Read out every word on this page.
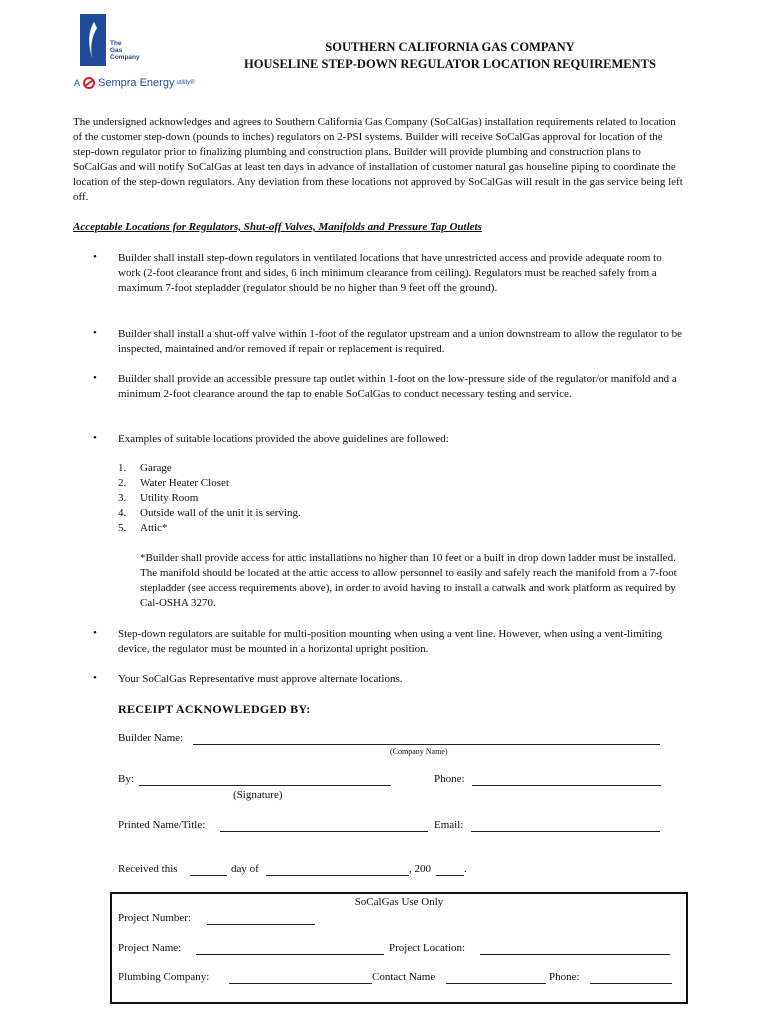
The
Gas
Company
A Sempra Energy utility®
SOUTHERN CALIFORNIA GAS COMPANY
HOUSELINE STEP-DOWN REGULATOR LOCATION REQUIREMENTS
The undersigned acknowledges and agrees to Southern California Gas Company (SoCalGas) installation requirements related to location of the customer step-down (pounds to inches) regulators on 2-PSI systems. Builder will receive SoCalGas approval for location of the step-down regulator prior to finalizing plumbing and construction plans. Builder will provide plumbing and construction plans to SoCalGas and will notify SoCalGas at least ten days in advance of installation of customer natural gas houseline piping to coordinate the location of the step-down regulators. Any deviation from these locations not approved by SoCalGas will result in the gas service being left off.
Acceptable Locations for Regulators, Shut-off Valves, Manifolds and Pressure Tap Outlets
• Builder shall install step-down regulators in ventilated locations that have unrestricted access and provide adequate room to work (2-foot clearance front and sides, 6 inch minimum clearance from ceiling). Regulators must be reached safely from a maximum 7-foot stepladder (regulator should be no higher than 9 feet off the ground).
• Builder shall install a shut-off valve within 1-foot of the regulator upstream and a union downstream to allow the regulator to be inspected, maintained and/or removed if repair or replacement is required.
• Builder shall provide an accessible pressure tap outlet within 1-foot on the low-pressure side of the regulator/or manifold and a minimum 2-foot clearance around the tap to enable SoCalGas to conduct necessary testing and service.
• Examples of suitable locations provided the above guidelines are followed:
1. Garage
2. Water Heater Closet
3. Utility Room
4. Outside wall of the unit it is serving.
5. Attic*
*Builder shall provide access for attic installations no higher than 10 feet or a built in drop down ladder must be installed. The manifold should be located at the attic access to allow personnel to easily and safely reach the manifold from a 7-foot stepladder (see access requirements above), in order to avoid having to install a catwalk and work platform as required by Cal-OSHA 3270.
• Step-down regulators are suitable for multi-position mounting when using a vent line. However, when using a vent-limiting device, the regulator must be mounted in a horizontal upright position.
• Your SoCalGas Representative must approve alternate locations.
RECEIPT ACKNOWLEDGED BY:
Builder Name:
(Company Name)
By:
(Signature)
Phone:
Printed Name/Title:	Email:
Received this	day of	, 200	.
SoCalGas Use Only
Project Number:
Project Name:	Project Location:
Plumbing Company:	Contact Name	Phone:
